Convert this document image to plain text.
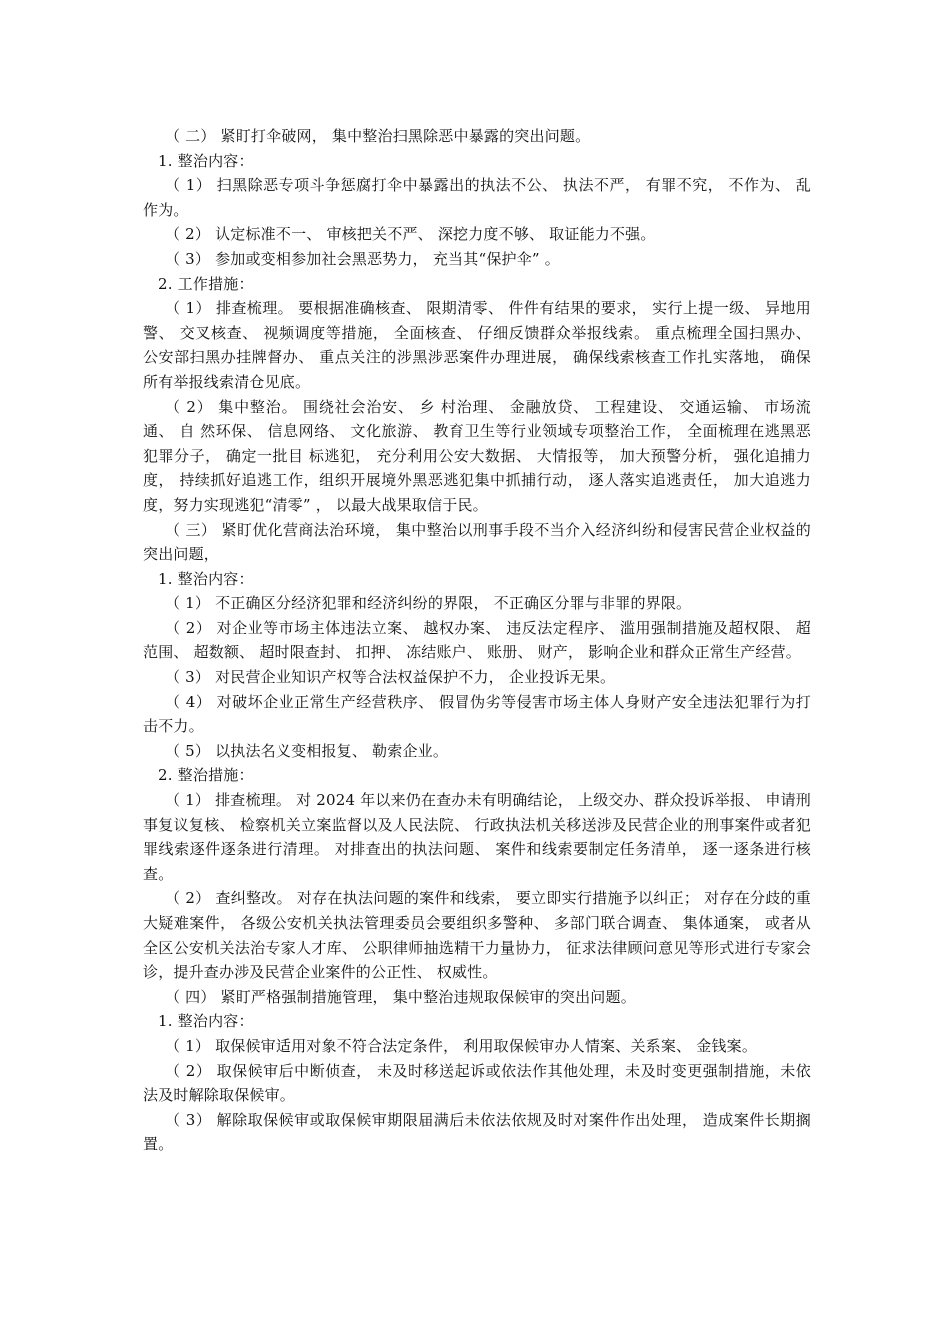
（ 二） 紧盯打伞破网， 集中整治扫黑除恶中暴露的突出问题。

1. 整治内容：

（ 1） 扫黑除恶专项斗争惩腐打伞中暴露出的执法不公、 执法不严， 有罪不究， 不作为、 乱作为。

（ 2） 认定标准不一、 审核把关不严、 深挖力度不够、 取证能力不强。

（ 3） 参加或变相参加社会黑恶势力， 充当其“保护伞” 。

2. 工作措施：

（ 1） 排查梳理。 要根据准确核查、 限期清零、 件件有结果的要求， 实行上提一级、 异地用警、 交叉核查、 视频调度等措施， 全面核查、 仔细反馈群众举报线索。 重点梳理全国扫黑办、 公安部扫黑办挂牌督办、 重点关注的涉黑涉恶案件办理进展， 确保线索核查工作扎实落地， 确保所有举报线索清仓见底。

（ 2） 集中整治。 围绕社会治安、 乡 村治理、 金融放贷、 工程建设、 交通运输、 市场流通、 自 然环保、 信息网络、 文化旅游、 教育卫生等行业领域专项整治工作， 全面梳理在逃黑恶犯罪分子， 确定一批目 标逃犯， 充分利用公安大数据、 大情报等， 加大预警分析， 强化追捕力度， 持续抓好追逃工作，组织开展境外黑恶逃犯集中抓捕行动， 逐人落实追逃责任， 加大追逃力度，努力实现逃犯“清零” ， 以最大战果取信于民。

（ 三） 紧盯优化营商法治环境， 集中整治以刑事手段不当介入经济纠纷和侵害民营企业权益的突出问题，

1. 整治内容：

（ 1） 不正确区分经济犯罪和经济纠纷的界限， 不正确区分罪与非罪的界限。

（ 2） 对企业等市场主体违法立案、 越权办案、 违反法定程序、 滥用强制措施及超权限、 超范围、 超数额、 超时限查封、 扣押、 冻结账户、 账册、 财产， 影响企业和群众正常生产经营。

（ 3） 对民营企业知识产权等合法权益保护不力， 企业投诉无果。

（ 4） 对破坏企业正常生产经营秩序、 假冒伪劣等侵害市场主体人身财产安全违法犯罪行为打击不力。

（ 5） 以执法名义变相报复、 勒索企业。

2. 整治措施：

（ 1） 排查梳理。 对 2024 年以来仍在查办未有明确结论， 上级交办、群众投诉举报、 申请刑事复议复核、 检察机关立案监督以及人民法院、 行政执法机关移送涉及民营企业的刑事案件或者犯罪线索逐件逐条进行清理。 对排查出的执法问题、 案件和线索要制定任务清单， 逐一逐条进行核查。

（ 2） 查纠整改。 对存在执法问题的案件和线索， 要立即实行措施予以纠正； 对存在分歧的重大疑难案件， 各级公安机关执法管理委员会要组织多警种、 多部门联合调查、 集体通案， 或者从全区公安机关法治专家人才库、 公职律师抽选精干力量协力， 征求法律顾问意见等形式进行专家会诊，提升查办涉及民营企业案件的公正性、 权威性。

（ 四） 紧盯严格强制措施管理， 集中整治违规取保候审的突出问题。

1. 整治内容：

（ 1） 取保候审适用对象不符合法定条件， 利用取保候审办人情案、关系案、 金钱案。

（ 2） 取保候审后中断侦查， 未及时移送起诉或依法作其他处理，未及时变更强制措施，未依法及时解除取保候审。

（ 3） 解除取保候审或取保候审期限届满后未依法依规及时对案件作出处理， 造成案件长期搁置。
